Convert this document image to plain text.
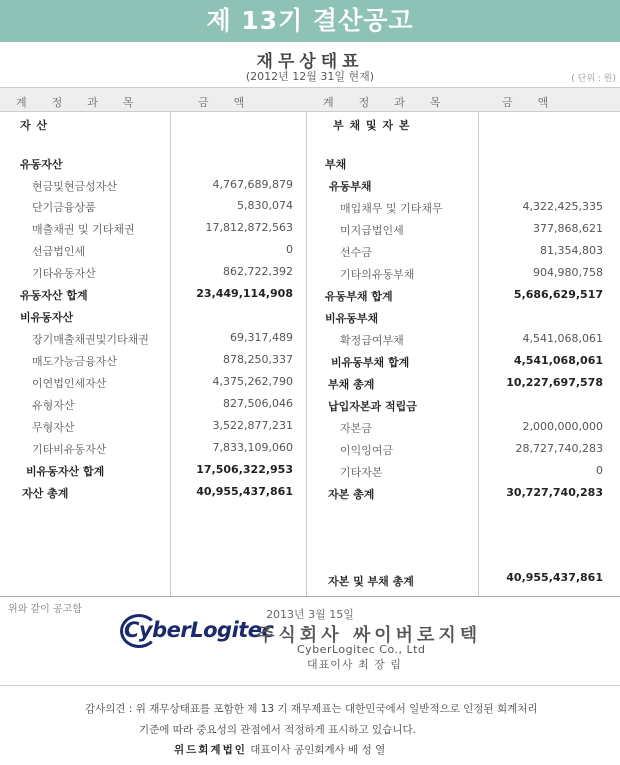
제 13기 결산공고
재무상태표
(2012년 12월 31일 현재)	( 단위 : 원)
계정과목	금액	계정과목	금액
자 산	부 채 및 자 본
유동자산
현금및현금성자산	4,767,689,879
단기금융상품	5,830,074
매출채권 및 기타채권	17,812,872,563
선급법인세	0
기타유동자산	862,722,392
유동자산 합계	23,449,114,908
비유동자산
장기매출채권및기타채권	69,317,489
매도가능금융자산	878,250,337
이연법인세자산	4,375,262,790
유형자산	827,506,046
무형자산	3,522,877,231
기타비유동자산	7,833,109,060
비유동자산 합계	17,506,322,953
자산 총계	40,955,437,861
부채
유동부채
매입채무 및 기타채무	4,322,425,335
미지급법인세	377,868,621
선수금	81,354,803
기타의유동부채	904,980,758
유동부채 합계	5,686,629,517
비유동부채
확정급여부채	4,541,068,061
비유동부채 합계	4,541,068,061
부채 총계	10,227,697,578
납입자본과 적립금
자본금	2,000,000,000
이익잉여금	28,727,740,283
기타자본	0
자본 총계	30,727,740,283
자본 및 부채 총계	40,955,437,861
위와 같이 공고함	2013년 3월 15일
CyberLogitec
주식회사 싸이버로지텍
CyberLogitec Co., Ltd
대표이사 최 장 림
감사의견 : 위 재무상태표를 포함한 제 13 기 재무제표는 대한민국에서 일반적으로 인정된 회계처리
기준에 따라 중요성의 관점에서 적정하게 표시하고 있습니다.
위드회계법인 대표이사 공인회계사 배 성 열
